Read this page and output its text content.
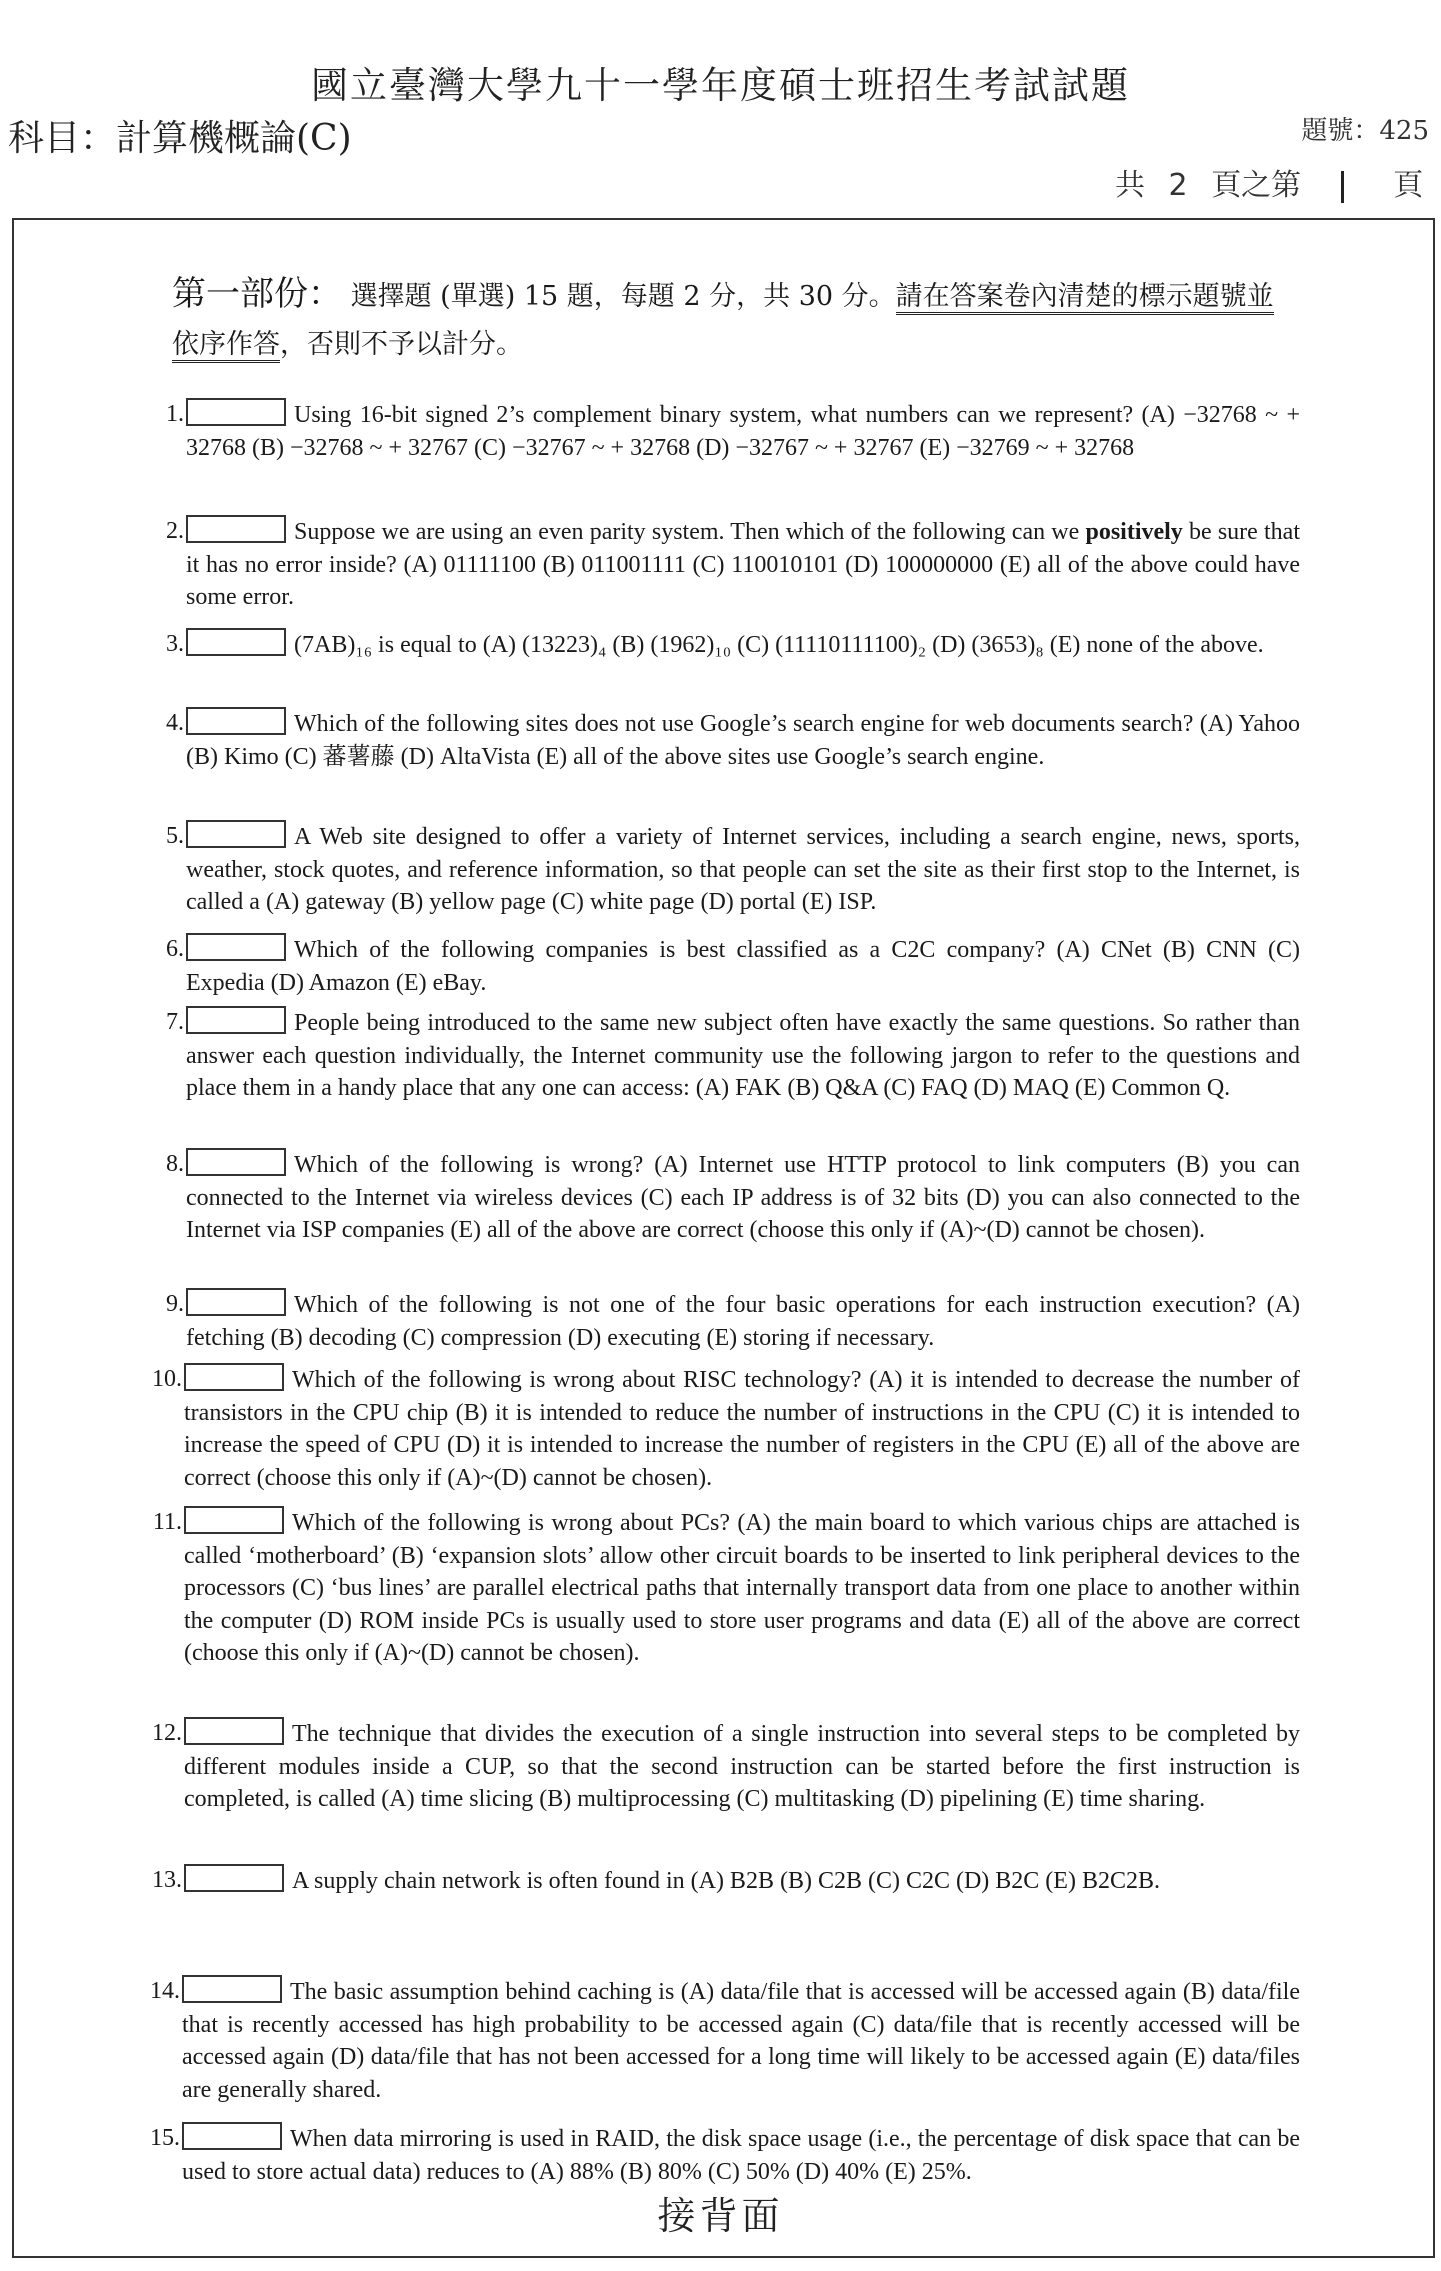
國立臺灣大學九十一學年度碩士班招生考試試題
科目：計算機概論(C)	題號：425
共 2 頁之第	頁
第一部份： 選擇題 (單選) 15 題，每題 2 分，共 30 分。請在答案卷內清楚的標示題號並依序作答，否則不予以計分。
1.	Using 16-bit signed 2’s complement binary system, what numbers can we represent? (A) −32768 ~ + 32768 (B) −32768 ~ + 32767 (C) −32767 ~ + 32768 (D) −32767 ~ + 32767 (E) −32769 ~ + 32768
2.	Suppose we are using an even parity system. Then which of the following can we positively be sure that it has no error inside? (A) 01111100 (B) 011001111 (C) 110010101 (D) 100000000 (E) all of the above could have some error.
3.	(7AB)₁₆ is equal to (A) (13223)₄ (B) (1962)₁₀ (C) (11110111100)₂ (D) (3653)₈ (E) none of the above.
4.	Which of the following sites does not use Google’s search engine for web documents search? (A) Yahoo (B) Kimo (C) 蕃薯藤 (D) AltaVista (E) all of the above sites use Google’s search engine.
5.	A Web site designed to offer a variety of Internet services, including a search engine, news, sports, weather, stock quotes, and reference information, so that people can set the site as their first stop to the Internet, is called a (A) gateway (B) yellow page (C) white page (D) portal (E) ISP.
6.	Which of the following companies is best classified as a C2C company? (A) CNet (B) CNN (C) Expedia (D) Amazon (E) eBay.
7.	People being introduced to the same new subject often have exactly the same questions. So rather than answer each question individually, the Internet community use the following jargon to refer to the questions and place them in a handy place that any one can access: (A) FAK (B) Q&A (C) FAQ (D) MAQ (E) Common Q.
8.	Which of the following is wrong? (A) Internet use HTTP protocol to link computers (B) you can connected to the Internet via wireless devices (C) each IP address is of 32 bits (D) you can also connected to the Internet via ISP companies (E) all of the above are correct (choose this only if (A)~(D) cannot be chosen).
9.	Which of the following is not one of the four basic operations for each instruction execution? (A) fetching (B) decoding (C) compression (D) executing (E) storing if necessary.
10.	Which of the following is wrong about RISC technology? (A) it is intended to decrease the number of transistors in the CPU chip (B) it is intended to reduce the number of instructions in the CPU (C) it is intended to increase the speed of CPU (D) it is intended to increase the number of registers in the CPU (E) all of the above are correct (choose this only if (A)~(D) cannot be chosen).
11.	Which of the following is wrong about PCs? (A) the main board to which various chips are attached is called ‘motherboard’ (B) ‘expansion slots’ allow other circuit boards to be inserted to link peripheral devices to the processors (C) ‘bus lines’ are parallel electrical paths that internally transport data from one place to another within the computer (D) ROM inside PCs is usually used to store user programs and data (E) all of the above are correct (choose this only if (A)~(D) cannot be chosen).
12.	The technique that divides the execution of a single instruction into several steps to be completed by different modules inside a CUP, so that the second instruction can be started before the first instruction is completed, is called (A) time slicing (B) multiprocessing (C) multitasking (D) pipelining (E) time sharing.
13.	A supply chain network is often found in (A) B2B (B) C2B (C) C2C (D) B2C (E) B2C2B.
14.	The basic assumption behind caching is (A) data/file that is accessed will be accessed again (B) data/file that is recently accessed has high probability to be accessed again (C) data/file that is recently accessed will be accessed again (D) data/file that has not been accessed for a long time will likely to be accessed again (E) data/files are generally shared.
15.	When data mirroring is used in RAID, the disk space usage (i.e., the percentage of disk space that can be used to store actual data) reduces to (A) 88% (B) 80% (C) 50% (D) 40% (E) 25%.
接背面
